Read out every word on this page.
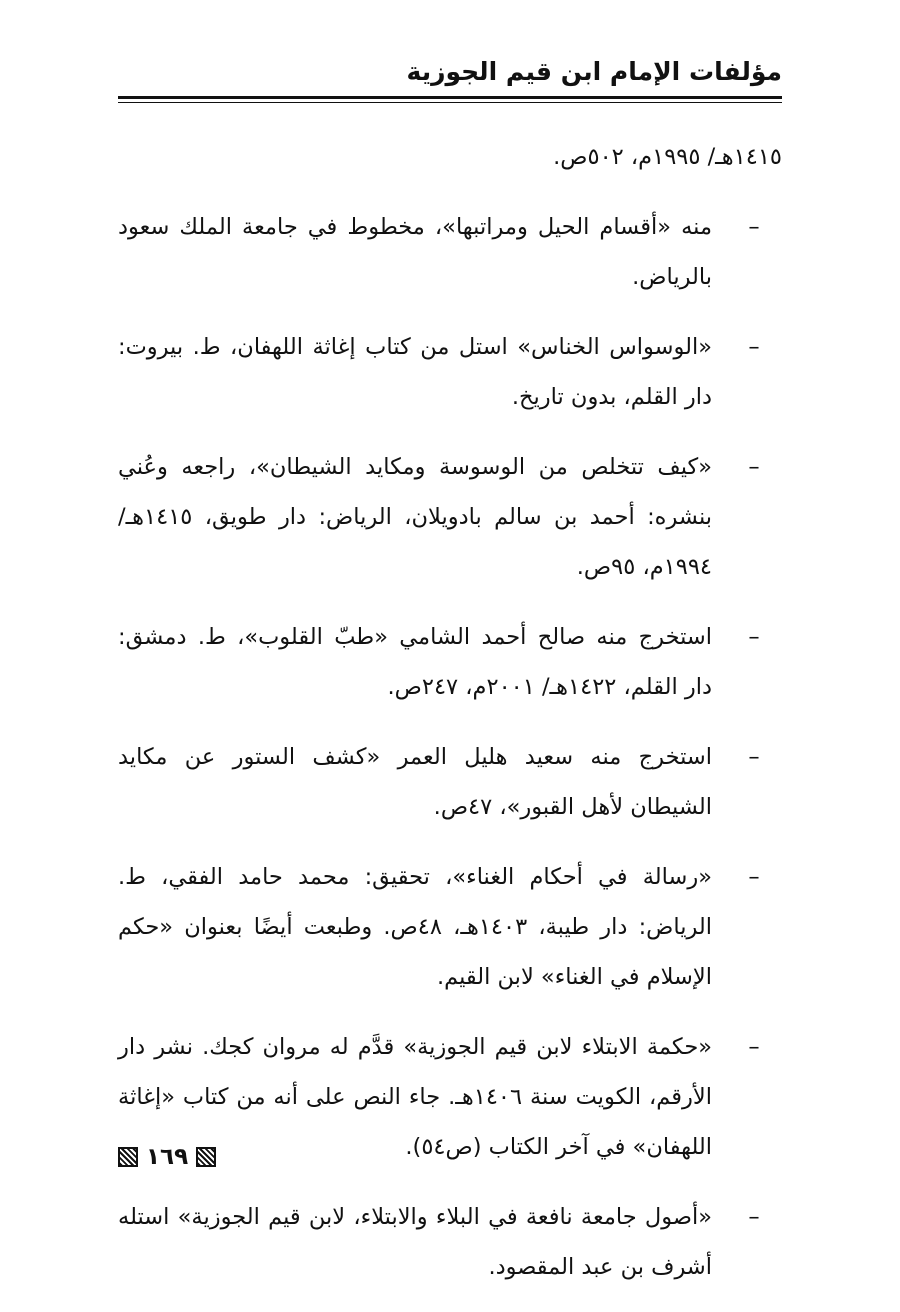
مؤلفات الإمام ابن قيم الجوزية

١٤١٥هـ/ ١٩٩٥م، ٥٠٢ص.

–
منه «أقسام الحيل ومراتبها»، مخطوط في جامعة الملك سعود بالرياض.
–
«الوسواس الخناس» استل من كتاب إغاثة اللهفان، ط. بيروت: دار القلم، بدون تاريخ.
–
«كيف تتخلص من الوسوسة ومكايد الشيطان»، راجعه وعُني بنشره: أحمد بن سالم بادويلان، الرياض: دار طويق، ١٤١٥هـ/ ١٩٩٤م، ٩٥ص.
–
استخرج منه صالح أحمد الشامي «طبّ القلوب»، ط. دمشق: دار القلم، ١٤٢٢هـ/ ٢٠٠١م، ٢٤٧ص.
–
استخرج منه سعيد هليل العمر «كشف الستور عن مكايد الشيطان لأهل القبور»، ٤٧ص.
–
«رسالة في أحكام الغناء»، تحقيق: محمد حامد الفقي، ط. الرياض: دار طيبة، ١٤٠٣هـ، ٤٨ص. وطبعت أيضًا بعنوان «حكم الإسلام في الغناء» لابن القيم.
–
«حكمة الابتلاء لابن قيم الجوزية» قدَّم له مروان كجك. نشر دار الأرقم، الكويت سنة ١٤٠٦هـ. جاء النص على أنه من كتاب «إغاثة اللهفان» في آخر الكتاب (ص٥٤).
–
«أصول جامعة نافعة في البلاء والابتلاء، لابن قيم الجوزية» استله أشرف بن عبد المقصود.
١٦٩
